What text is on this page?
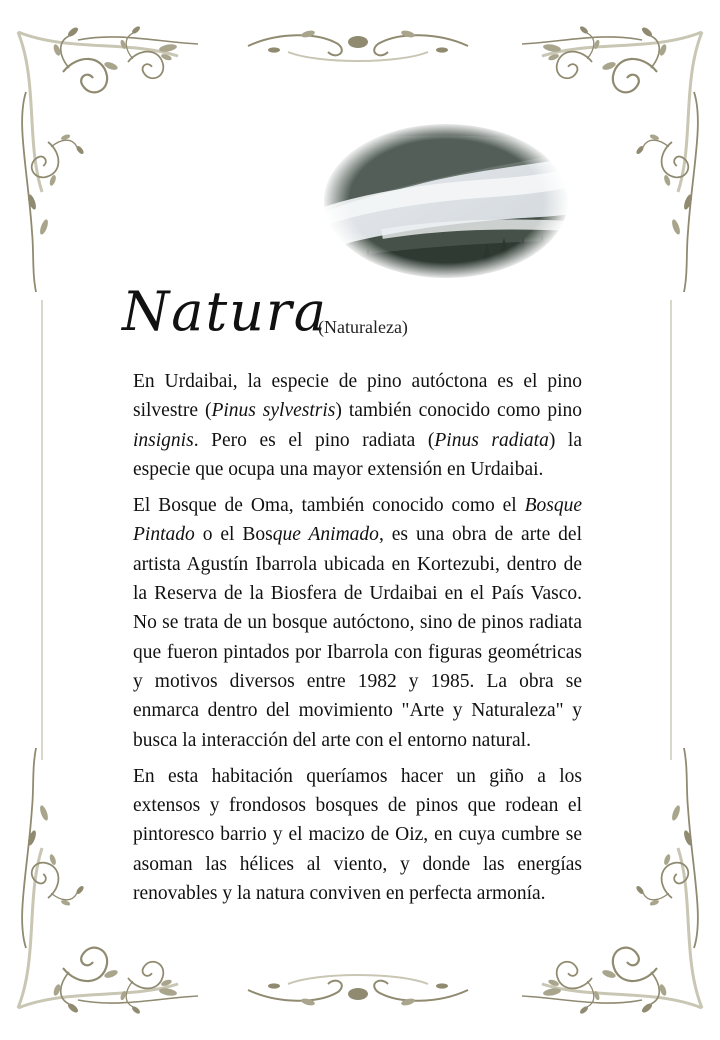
Natura
(Naturaleza)

En Urdaibai, la especie de pino autóctona es el pino silvestre (Pinus sylvestris) también conocido como pino insignis. Pero es el pino radiata (Pinus radiata) la especie que ocupa una mayor extensión en Urdaibai.

El Bosque de Oma, también conocido como el Bosque Pintado o el Bosque Animado, es una obra de arte del artista Agustín Ibarrola ubicada en Kortezubi, dentro de la Reserva de la Biosfera de Urdaibai en el País Vasco. No se trata de un bosque autóctono, sino de pinos radiata que fueron pintados por Ibarrola con figuras geométricas y motivos diversos entre 1982 y 1985. La obra se enmarca dentro del movimiento "Arte y Naturaleza" y busca la interacción del arte con el entorno natural.

En esta habitación queríamos hacer un giño a los extensos y frondosos bosques de pinos que rodean el pintoresco barrio y el macizo de Oiz, en cuya cumbre se asoman las hélices al viento, y donde las energías renovables y la natura conviven en perfecta armonía.
